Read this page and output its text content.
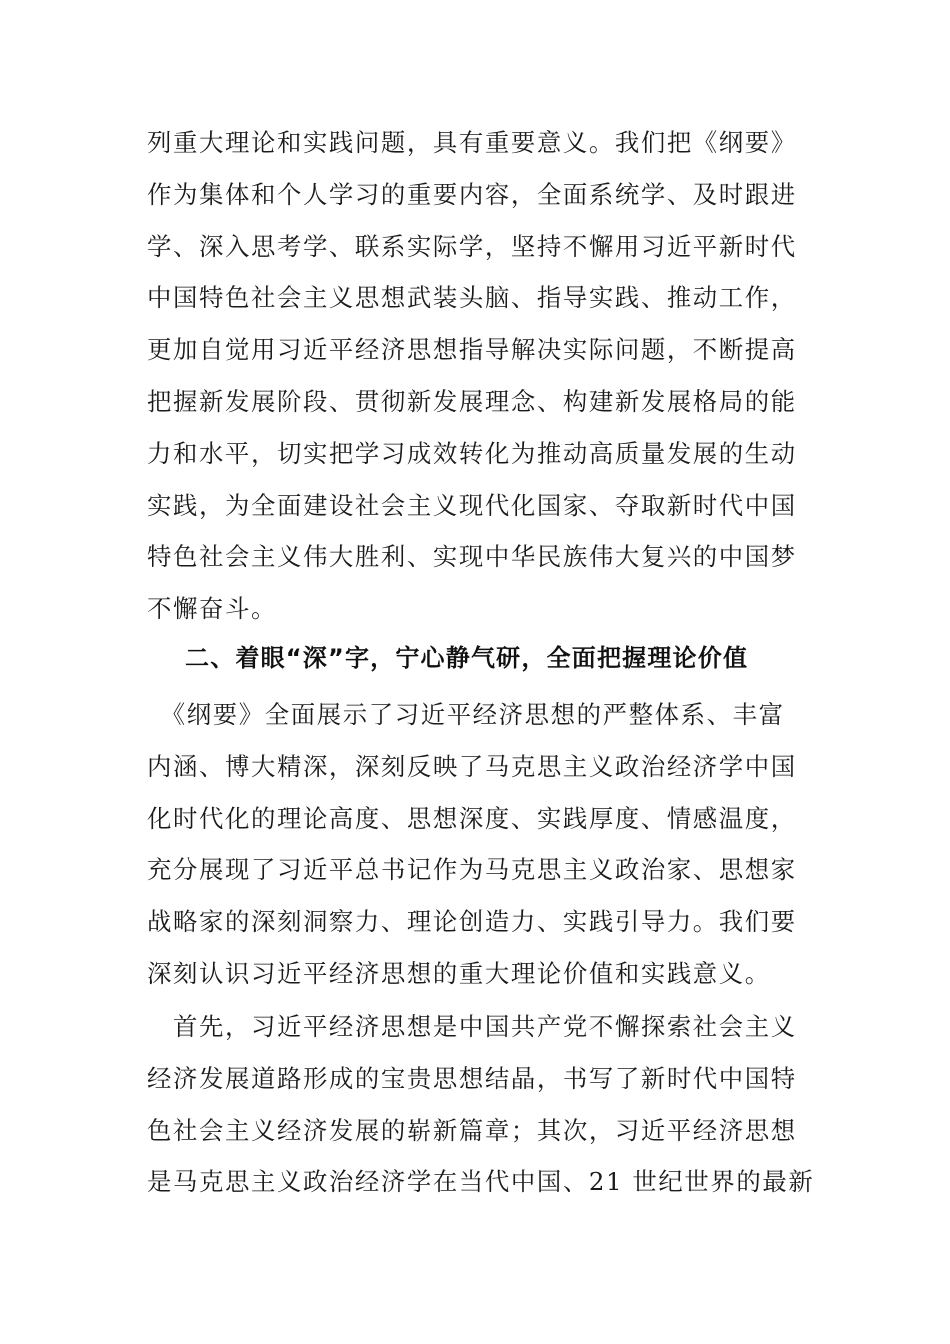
列重大理论和实践问题，具有重要意义。我们把《纲要》
作为集体和个人学习的重要内容，全面系统学、及时跟进
学、深入思考学、联系实际学，坚持不懈用习近平新时代
中国特色社会主义思想武装头脑、指导实践、推动工作，
更加自觉用习近平经济思想指导解决实际问题，不断提高
把握新发展阶段、贯彻新发展理念、构建新发展格局的能
力和水平，切实把学习成效转化为推动高质量发展的生动
实践，为全面建设社会主义现代化国家、夺取新时代中国
特色社会主义伟大胜利、实现中华民族伟大复兴的中国梦
不懈奋斗。
二、着眼“深”字，宁心静气研，全面把握理论价值
　《纲要》全面展示了习近平经济思想的严整体系、丰富
内涵、博大精深，深刻反映了马克思主义政治经济学中国
化时代化的理论高度、思想深度、实践厚度、情感温度，
充分展现了习近平总书记作为马克思主义政治家、思想家
战略家的深刻洞察力、理论创造力、实践引导力。我们要
深刻认识习近平经济思想的重大理论价值和实践意义。
　首先，习近平经济思想是中国共产党不懈探索社会主义
经济发展道路形成的宝贵思想结晶，书写了新时代中国特
色社会主义经济发展的崭新篇章；其次，习近平经济思想
是马克思主义政治经济学在当代中国、21 世纪世界的最新
